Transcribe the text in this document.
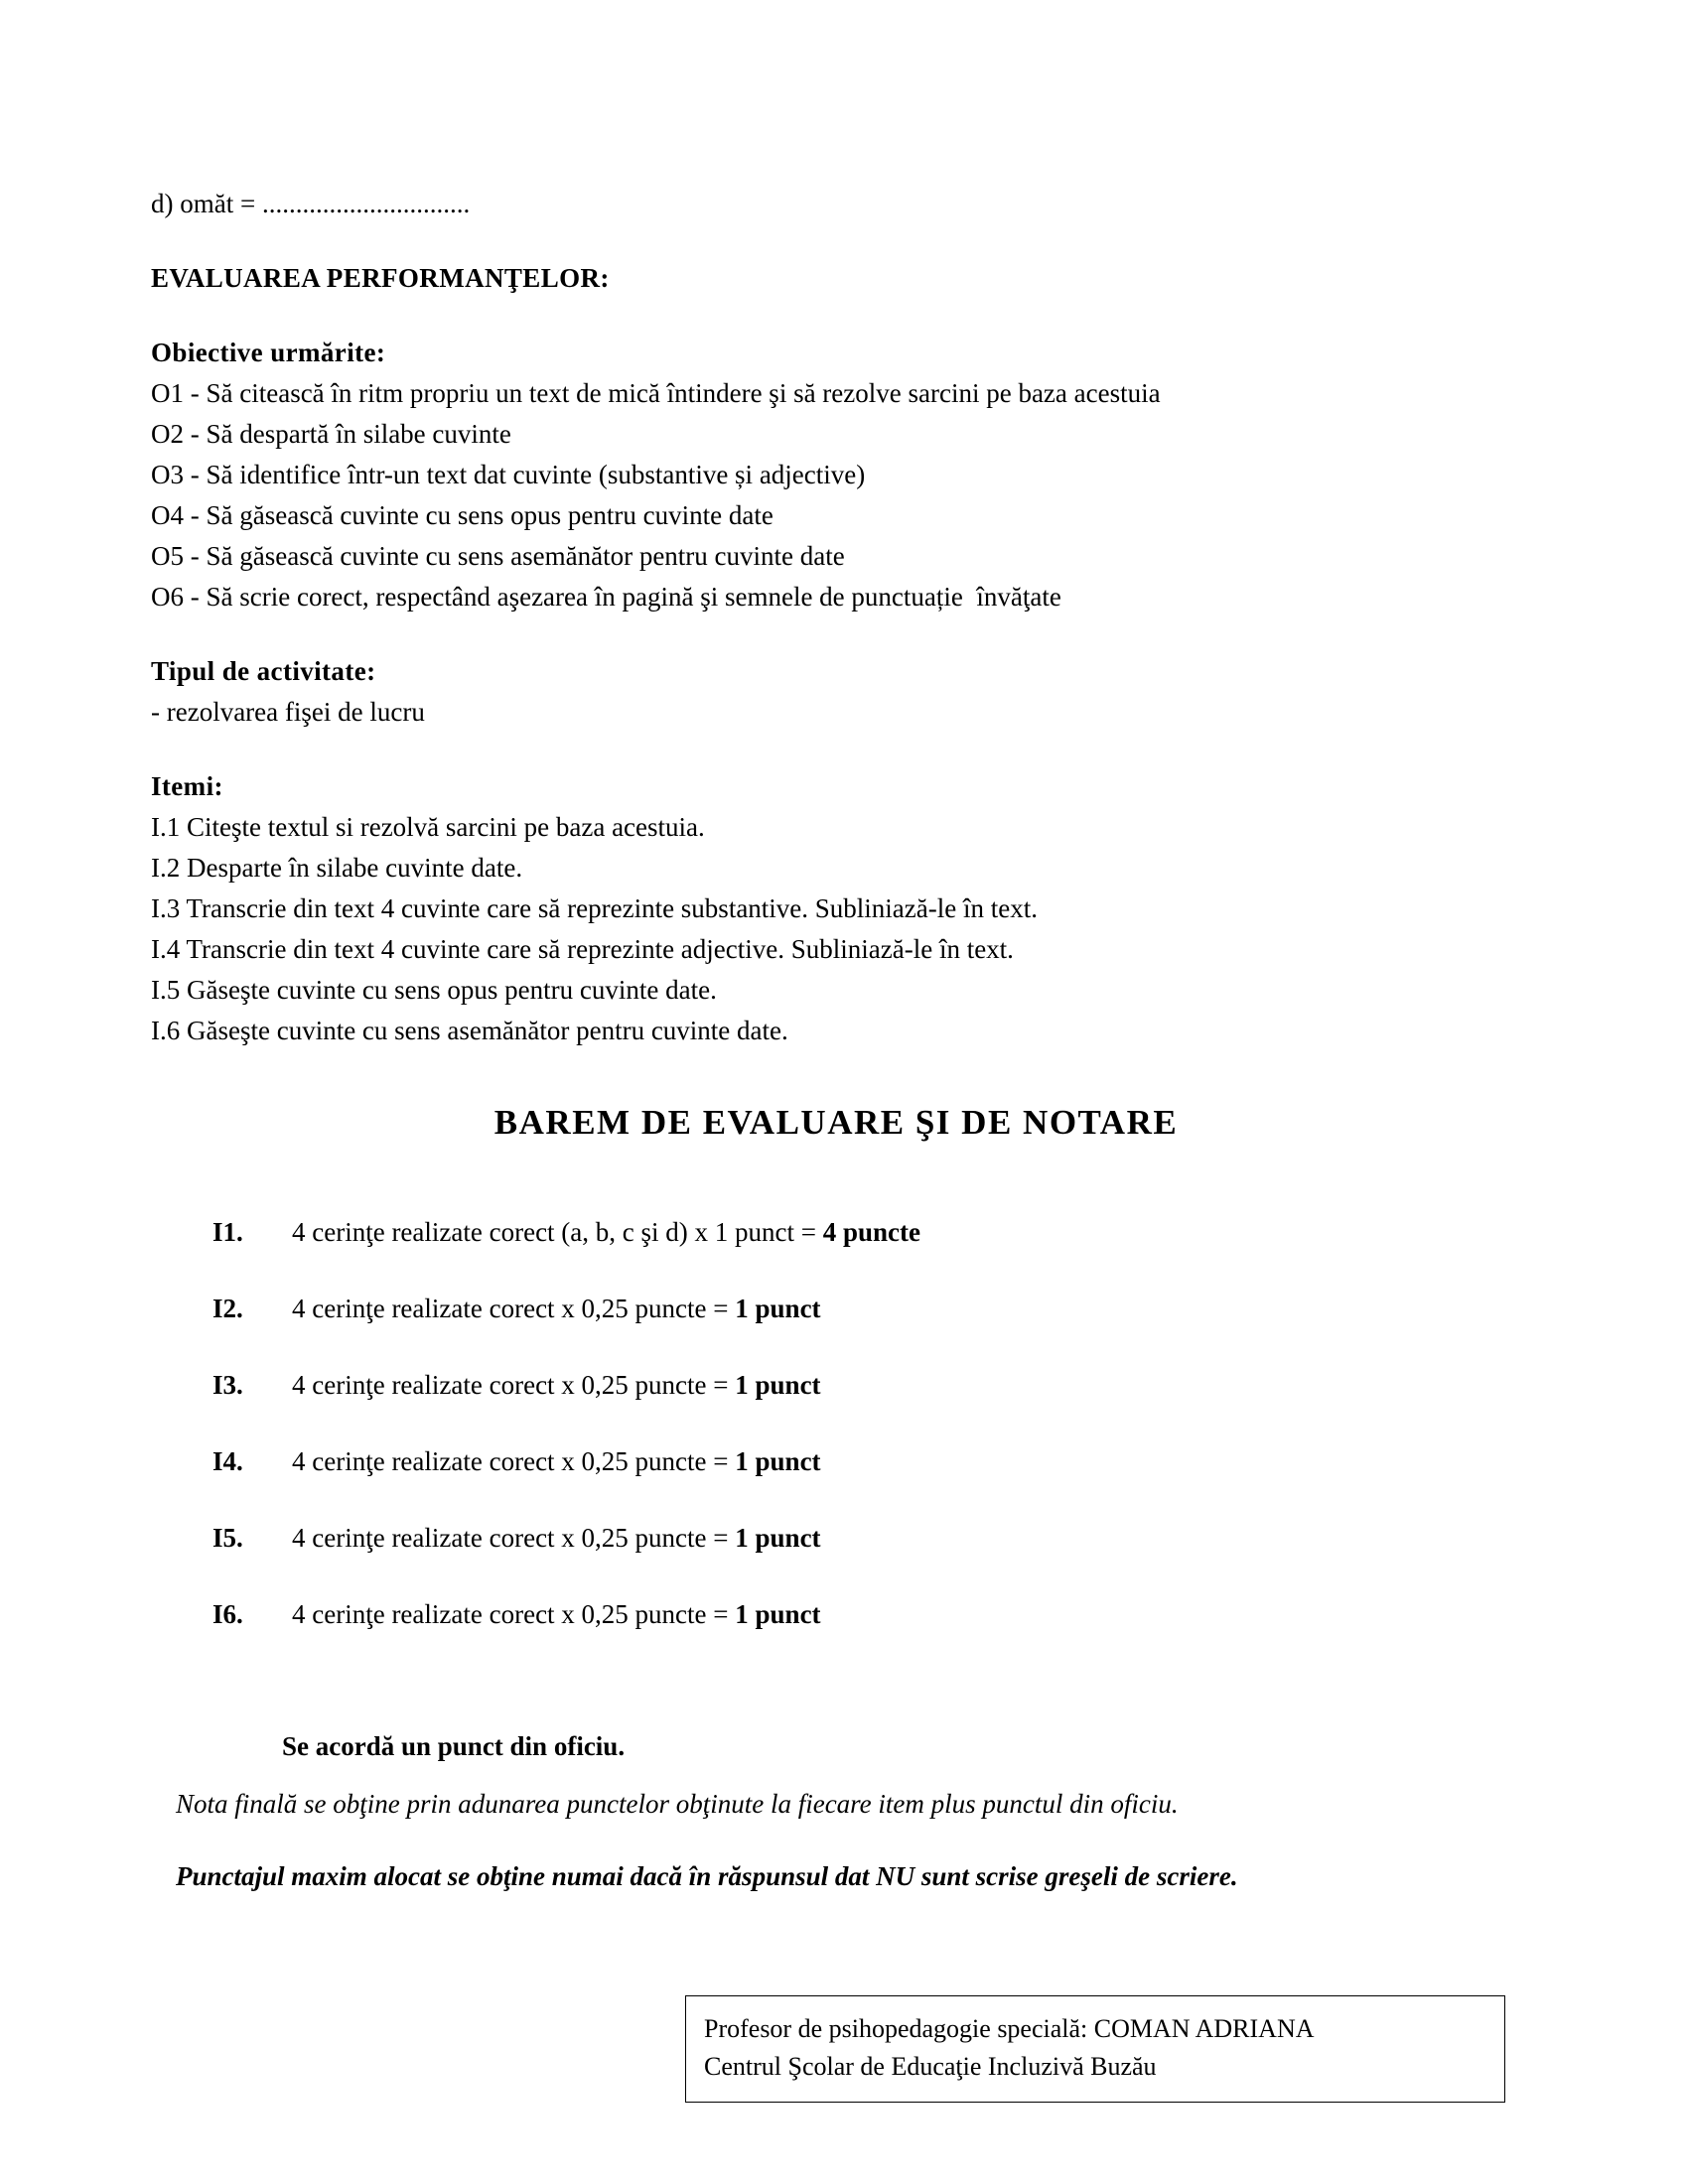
d) omăt = ...............................
EVALUAREA PERFORMANŢELOR:
Obiective urmărite:
O1 - Să citească în ritm propriu un text de mică întindere şi să rezolve sarcini pe baza acestuia
O2 - Să despartă în silabe cuvinte
O3 - Să identifice într-un text dat cuvinte (substantive și adjective)
O4 - Să găsească cuvinte cu sens opus pentru cuvinte date
O5 - Să găsească cuvinte cu sens asemănător pentru cuvinte date
O6 - Să scrie corect, respectând aşezarea în pagină şi semnele de punctuație  învăţate
Tipul de activitate:
- rezolvarea fişei de lucru
Itemi:
I.1 Citeşte textul si rezolvă sarcini pe baza acestuia.
I.2 Desparte în silabe cuvinte date.
I.3 Transcrie din text 4 cuvinte care să reprezinte substantive. Subliniază-le în text.
I.4 Transcrie din text 4 cuvinte care să reprezinte adjective. Subliniază-le în text.
I.5 Găseşte cuvinte cu sens opus pentru cuvinte date.
I.6 Găseşte cuvinte cu sens asemănător pentru cuvinte date.
BAREM DE EVALUARE ŞI DE NOTARE
I1.	4 cerinţe realizate corect (a, b, c şi d) x 1 punct = 4 puncte
I2.	4 cerinţe realizate corect x 0,25 puncte = 1 punct
I3.	4 cerinţe realizate corect x 0,25 puncte = 1 punct
I4.	4 cerinţe realizate corect x 0,25 puncte = 1 punct
I5.	4 cerinţe realizate corect x 0,25 puncte = 1 punct
I6.	4 cerinţe realizate corect x 0,25 puncte = 1 punct
Se acordă un punct din oficiu.
Nota finală se obţine prin adunarea punctelor obţinute la fiecare item plus punctul din oficiu.
Punctajul maxim alocat se obţine numai dacă în răspunsul dat NU sunt scrise greşeli de scriere.
Profesor de psihopedagogie specială: COMAN ADRIANA
Centrul Şcolar de Educaţie Incluzivă Buzău
